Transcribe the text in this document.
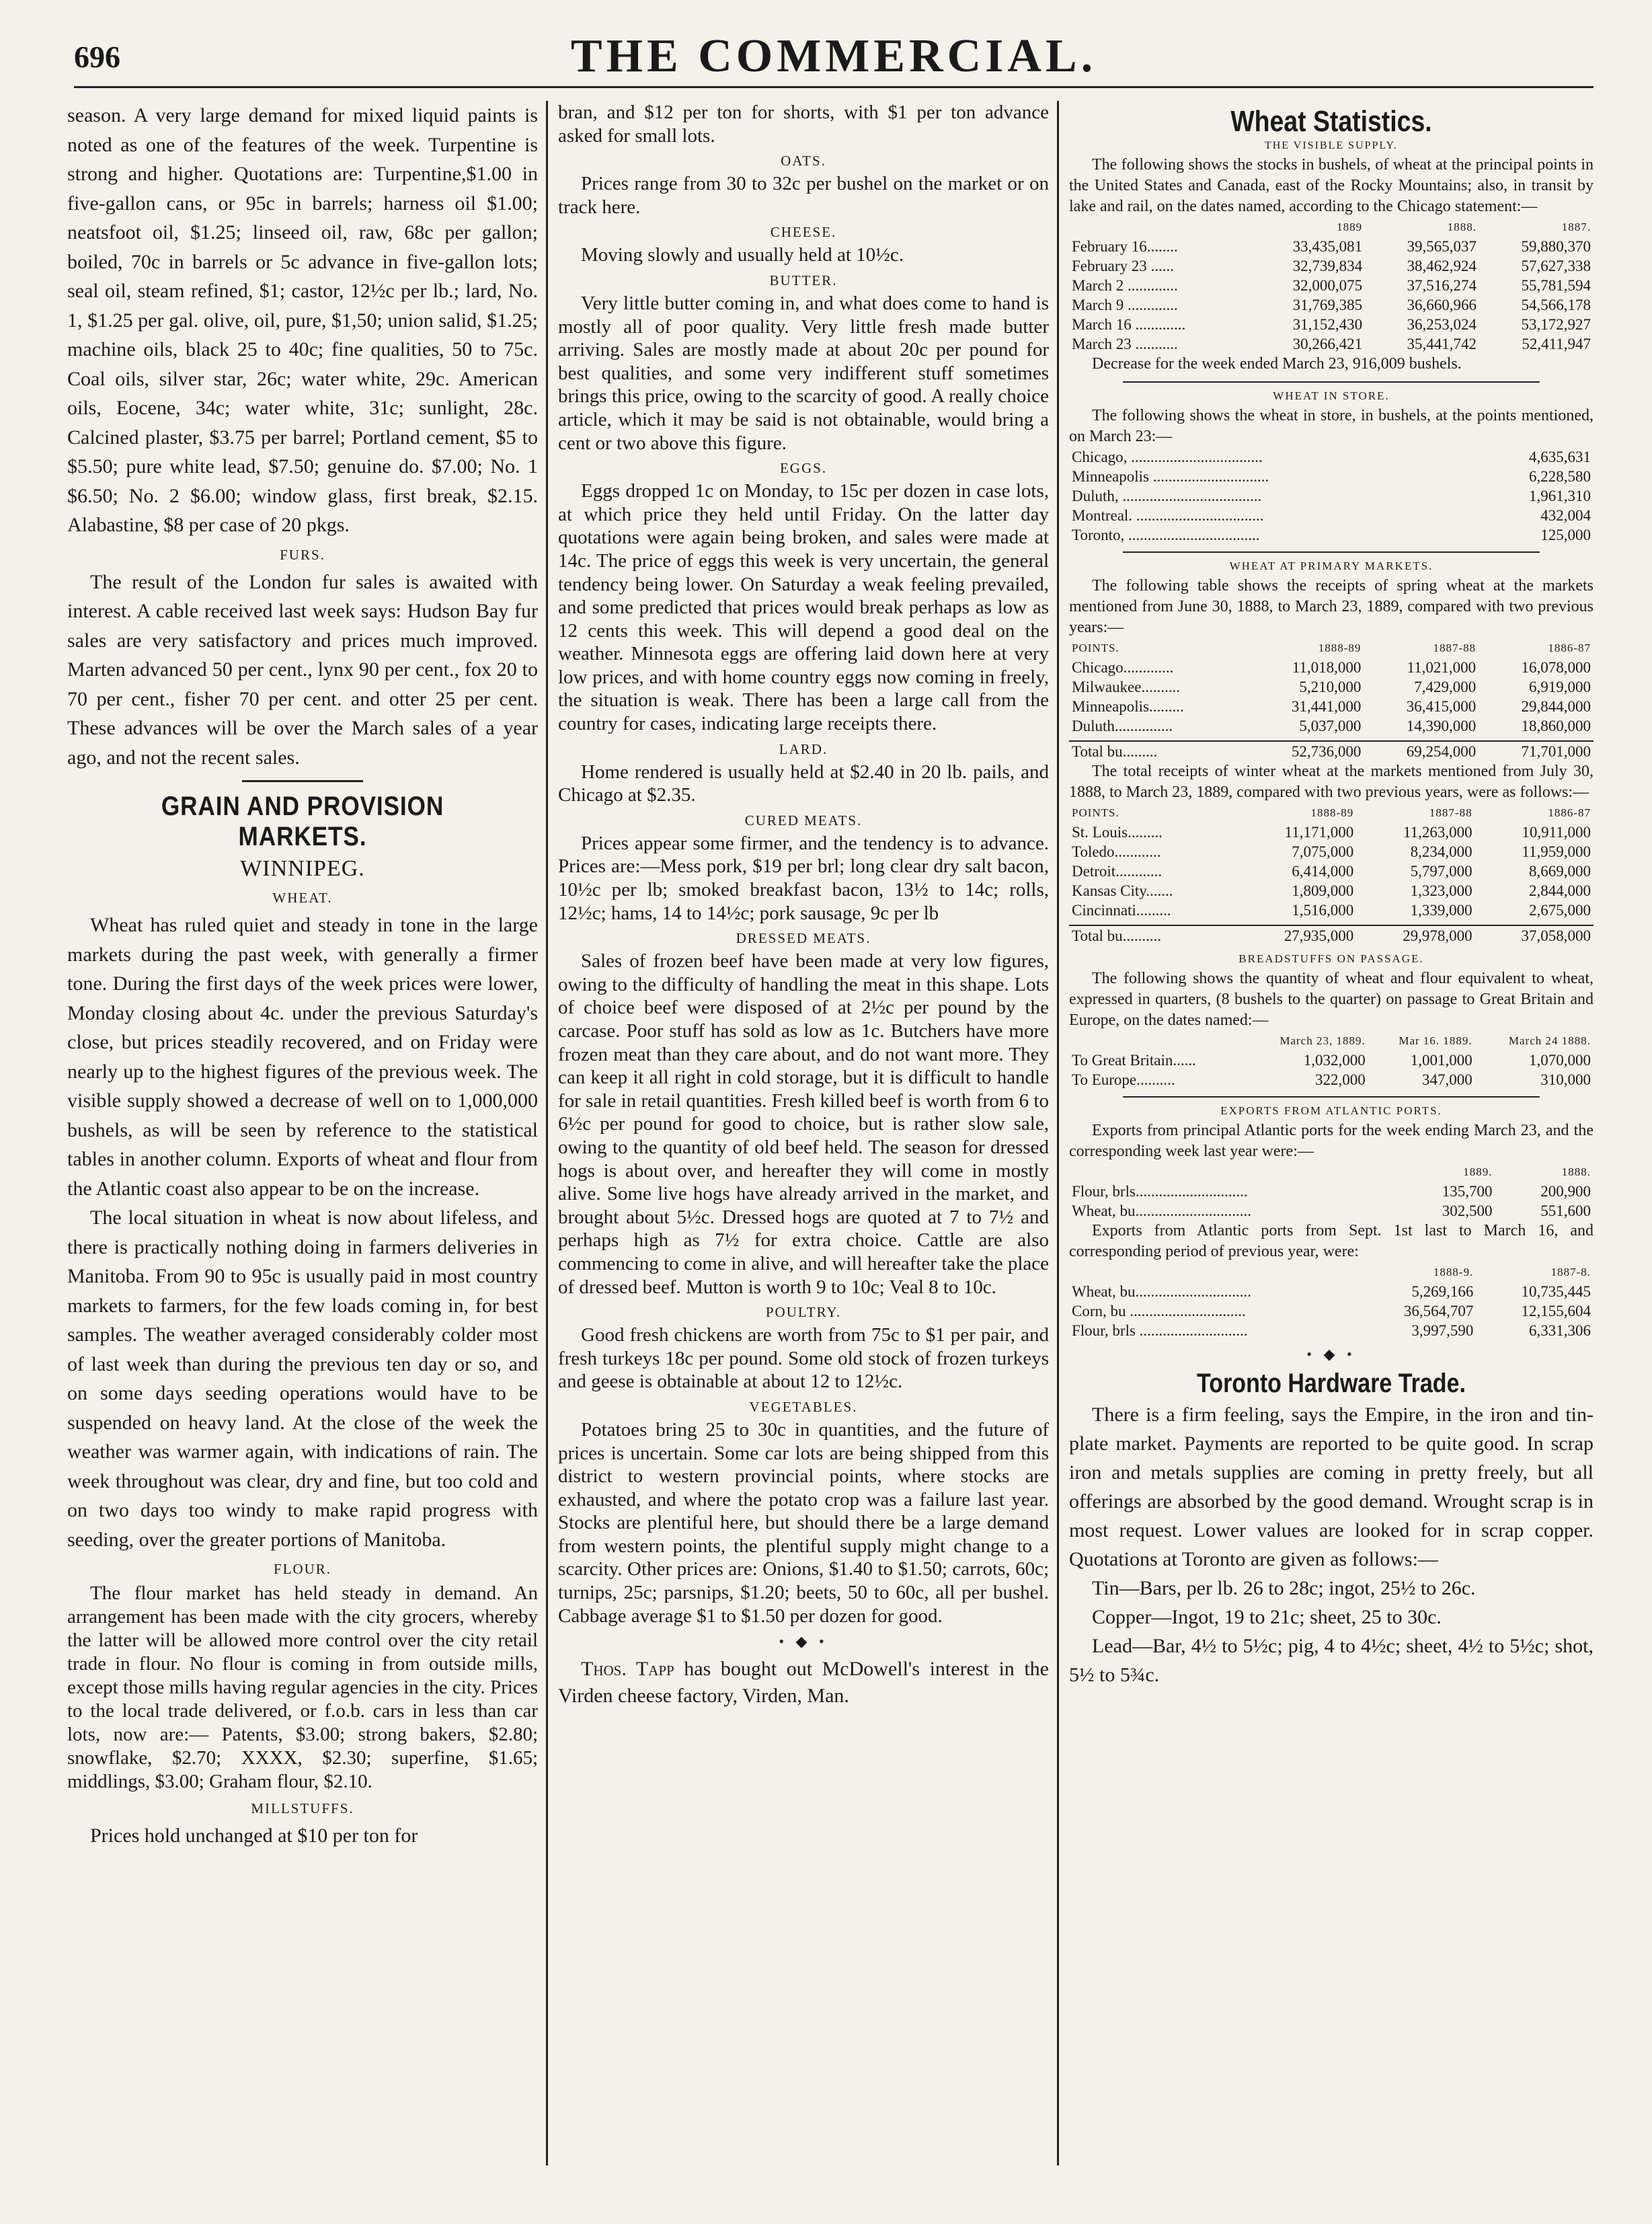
696	THE COMMERCIAL.

season. A very large demand for mixed liquid paints is noted as one of the features of the week. Turpentine is strong and higher. Quotations are: Turpentine,$1.00 in five-gallon cans, or 95c in barrels; harness oil $1.00; neatsfoot oil, $1.25; linseed oil, raw, 68c per gallon; boiled, 70c in barrels or 5c advance in five-gallon lots; seal oil, steam refined, $1; castor, 12½c per lb.; lard, No. 1, $1.25 per gal. olive, oil, pure, $1,50; union salid, $1.25; machine oils, black 25 to 40c; fine qualities, 50 to 75c. Coal oils, silver star, 26c; water white, 29c. American oils, Eocene, 34c; water white, 31c; sunlight, 28c. Calcined plaster, $3.75 per barrel; Portland cement, $5 to $5.50; pure white lead, $7.50; genuine do. $7.00; No. 1 $6.50; No. 2 $6.00; window glass, first break, $2.15. Alabastine, $8 per case of 20 pkgs.

FURS.

The result of the London fur sales is awaited with interest. A cable received last week says: Hudson Bay fur sales are very satisfactory and prices much improved. Marten advanced 50 per cent., lynx 90 per cent., fox 20 to 70 per cent., fisher 70 per cent. and otter 25 per cent. These advances will be over the March sales of a year ago, and not the recent sales.

GRAIN AND PROVISION MARKETS.
WINNIPEG.
WHEAT.

Wheat has ruled quiet and steady in tone in the large markets during the past week, with generally a firmer tone. During the first days of the week prices were lower, Monday closing about 4c. under the previous Saturday's close, but prices steadily recovered, and on Friday were nearly up to the highest figures of the previous week. The visible supply showed a decrease of well on to 1,000,000 bushels, as will be seen by reference to the statistical tables in another column. Exports of wheat and flour from the Atlantic coast also appear to be on the increase.

The local situation in wheat is now about lifeless, and there is practically nothing doing in farmers deliveries in Manitoba. From 90 to 95c is usually paid in most country markets to farmers, for the few loads coming in, for best samples. The weather averaged considerably colder most of last week than during the previous ten day or so, and on some days seeding operations would have to be suspended on heavy land. At the close of the week the weather was warmer again, with indications of rain. The week throughout was clear, dry and fine, but too cold and on two days too windy to make rapid progress with seeding, over the greater portions of Manitoba.

FLOUR.

The flour market has held steady in demand. An arrangement has been made with the city grocers, whereby the latter will be allowed more control over the city retail trade in flour. No flour is coming in from outside mills, except those mills having regular agencies in the city. Prices to the local trade delivered, or f.o.b. cars in less than car lots, now are:— Patents, $3.00; strong bakers, $2.80; snowflake, $2.70; XXXX, $2.30; superfine, $1.65; middlings, $3.00; Graham flour, $2.10.

MILLSTUFFS.

Prices hold unchanged at $10 per ton for

bran, and $12 per ton for shorts, with $1 per ton advance asked for small lots.

OATS.

Prices range from 30 to 32c per bushel on the market or on track here.

CHEESE.

Moving slowly and usually held at 10½c.

BUTTER.

Very little butter coming in, and what does come to hand is mostly all of poor quality. Very little fresh made butter arriving. Sales are mostly made at about 20c per pound for best qualities, and some very indifferent stuff sometimes brings this price, owing to the scarcity of good. A really choice article, which it may be said is not obtainable, would bring a cent or two above this figure.

EGGS.

Eggs dropped 1c on Monday, to 15c per dozen in case lots, at which price they held until Friday. On the latter day quotations were again being broken, and sales were made at 14c. The price of eggs this week is very uncertain, the general tendency being lower. On Saturday a weak feeling prevailed, and some predicted that prices would break perhaps as low as 12 cents this week. This will depend a good deal on the weather. Minnesota eggs are offering laid down here at very low prices, and with home country eggs now coming in freely, the situation is weak. There has been a large call from the country for cases, indicating large receipts there.

LARD.

Home rendered is usually held at $2.40 in 20 lb. pails, and Chicago at $2.35.

CURED MEATS.

Prices appear some firmer, and the tendency is to advance. Prices are:—Mess pork, $19 per brl; long clear dry salt bacon, 10½c per lb; smoked breakfast bacon, 13½ to 14c; rolls, 12½c; hams, 14 to 14½c; pork sausage, 9c per lb

DRESSED MEATS.

Sales of frozen beef have been made at very low figures, owing to the difficulty of handling the meat in this shape. Lots of choice beef were disposed of at 2½c per pound by the carcase. Poor stuff has sold as low as 1c. Butchers have more frozen meat than they care about, and do not want more. They can keep it all right in cold storage, but it is difficult to handle for sale in retail quantities. Fresh killed beef is worth from 6 to 6½c per pound for good to choice, but is rather slow sale, owing to the quantity of old beef held. The season for dressed hogs is about over, and hereafter they will come in mostly alive. Some live hogs have already arrived in the market, and brought about 5½c. Dressed hogs are quoted at 7 to 7½ and perhaps high as 7½ for extra choice. Cattle are also commencing to come in alive, and will hereafter take the place of dressed beef. Mutton is worth 9 to 10c; Veal 8 to 10c.

POULTRY.

Good fresh chickens are worth from 75c to $1 per pair, and fresh turkeys 18c per pound. Some old stock of frozen turkeys and geese is obtainable at about 12 to 12½c.

VEGETABLES.

Potatoes bring 25 to 30c in quantities, and the future of prices is uncertain. Some car lots are being shipped from this district to western provincial points, where stocks are exhausted, and where the potato crop was a failure last year. Stocks are plentiful here, but should there be a large demand from western points, the plentiful supply might change to a scarcity. Other prices are: Onions, $1.40 to $1.50; carrots, 60c; turnips, 25c; parsnips, $1.20; beets, 50 to 60c, all per bushel. Cabbage average $1 to $1.50 per dozen for good.

• ◆ •

Thos. Tapp has bought out McDowell's interest in the Virden cheese factory, Virden, Man.

Wheat Statistics.
THE VISIBLE SUPPLY.

The following shows the stocks in bushels, of wheat at the principal points in the United States and Canada, east of the Rocky Mountains; also, in transit by lake and rail, on the dates named, according to the Chicago statement:—

	1889	1888.	1887.
February 16........	33,435,081	39,565,037	59,880,370
February 23 ......	32,739,834	38,462,924	57,627,338
March 2 .............	32,000,075	37,516,274	55,781,594
March 9 .............	31,769,385	36,660,966	54,566,178
March 16 .............	31,152,430	36,253,024	53,172,927
March 23 ...........	30,266,421	35,441,742	52,411,947

Decrease for the week ended March 23, 916,009 bushels.

WHEAT IN STORE.

The following shows the wheat in store, in bushels, at the points mentioned, on March 23:—

Chicago, ..................................	4,635,631
Minneapolis ..............................	6,228,580
Duluth, ....................................	1,961,310
Montreal. .................................	432,004
Toronto, ..................................	125,000
WHEAT AT PRIMARY MARKETS.

The following table shows the receipts of spring wheat at the markets mentioned from June 30, 1888, to March 23, 1889, compared with two previous years:—

POINTS.	1888-89	1887-88	1886-87
Chicago.............	11,018,000	11,021,000	16,078,000
Milwaukee..........	5,210,000	7,429,000	6,919,000
Minneapolis.........	31,441,000	36,415,000	29,844,000
Duluth...............	5,037,000	14,390,000	18,860,000

Total bu.........	52,736,000	69,254,000	71,701,000

The total receipts of winter wheat at the markets mentioned from July 30, 1888, to March 23, 1889, compared with two previous years, were as follows:—

POINTS.	1888-89	1887-88	1886-87
St. Louis.........	11,171,000	11,263,000	10,911,000
Toledo............	7,075,000	8,234,000	11,959,000
Detroit............	6,414,000	5,797,000	8,669,000
Kansas City.......	1,809,000	1,323,000	2,844,000
Cincinnati.........	1,516,000	1,339,000	2,675,000

Total bu..........	27,935,000	29,978,000	37,058,000
BREADSTUFFS ON PASSAGE.

The following shows the quantity of wheat and flour equivalent to wheat, expressed in quarters, (8 bushels to the quarter) on passage to Great Britain and Europe, on the dates named:—

	March 23, 1889.	Mar 16. 1889.	March 24 1888.
To Great Britain......	1,032,000	1,001,000	1,070,000
To Europe..........	322,000	347,000	310,000
EXPORTS FROM ATLANTIC PORTS.

Exports from principal Atlantic ports for the week ending March 23, and the corresponding week last year were:—

	1889.	1888.
Flour, brls.............................	135,700	200,900
Wheat, bu..............................	302,500	551,600

Exports from Atlantic ports from Sept. 1st last to March 16, and corresponding period of previous year, were:

	1888-9.	1887-8.
Wheat, bu..............................	5,269,166	10,735,445
Corn, bu ..............................	36,564,707	12,155,604
Flour, brls ............................	3,997,590	6,331,306
• ◆ •
Toronto Hardware Trade.

There is a firm feeling, says the Empire, in the iron and tin-plate market. Payments are reported to be quite good. In scrap iron and metals supplies are coming in pretty freely, but all offerings are absorbed by the good demand. Wrought scrap is in most request. Lower values are looked for in scrap copper. Quotations at Toronto are given as follows:—

Tin—Bars, per lb. 26 to 28c; ingot, 25½ to 26c.

Copper—Ingot, 19 to 21c; sheet, 25 to 30c.

Lead—Bar, 4½ to 5½c; pig, 4 to 4½c; sheet, 4½ to 5½c; shot, 5½ to 5¾c.
